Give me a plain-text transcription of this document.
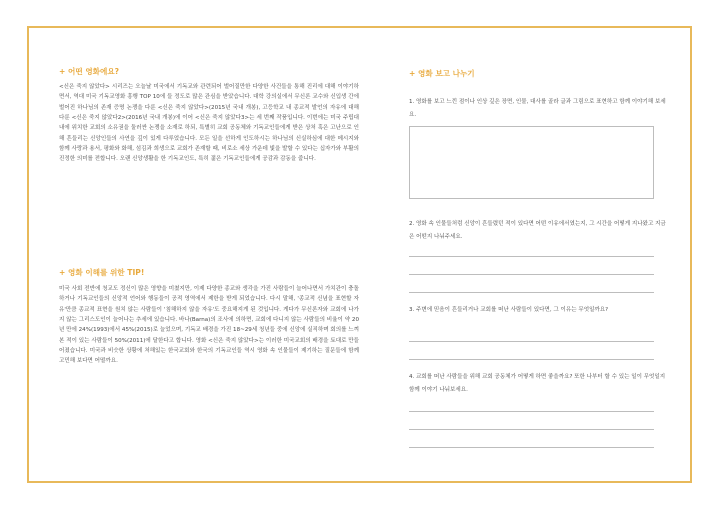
+ 어떤 영화에요?

<신은 죽지 않았다> 시리즈는 오늘날 미국에서 기독교와 관련되어 벌어질만한 다양한 사건들을 통해 진리에 대해 이야기하면서, 역대 미국 기독교영화 흥행 TOP 10에 들 정도로 많은 관심을 받았습니다. 대학 강의실에서 무신론 교수와 신입생 간에 벌어진 하나님의 존재 증명 논쟁을 다룬 <신은 죽지 않았다>(2015년 국내 개봉), 고등학교 내 종교적 발언의 자유에 대해 다룬 <신은 죽지 않았다2>(2016년 국내 개봉)에 이어 <신은 죽지 않았다3>는 세 번째 작품입니다. 이번에는 미국 주립대 내에 위치한 교회의 소유권을 둘러싼 논쟁을 소재로 하되, 특별히 교회 공동체와 기독교인들에게 받은 상처 혹은 고난으로 인해 흔들리는 신앙인들의 사연을 깊이 있게 다루었습니다. 모든 일을 선하게 인도하시는 하나님의 신실하심에 대한 메시지와 함께 사랑과 용서, 평화와 화해, 섬김과 희생으로 교회가 존재할 때, 비로소 세상 가운데 빛을 발할 수 있다는 십자가와 부활의 진정한 의미를 전합니다. 오랜 신앙생활을 한 기독교인도, 특히 젊은 기독교인들에게 공감과 감동을 줍니다.

+ 영화 이해를 위한 TIP!

미국 사회 전반에 청교도 정신이 많은 영향을 미쳤지만, 이제 다양한 종교와 생각을 가진 사람들이 늘어나면서 가치관이 충돌하거나 기독교인들의 신앙적 언어와 행동들이 공적 영역에서 제한을 받게 되었습니다. 다시 말해, '종교적 신념을 표현할 자유'만큼 종교적 표현을 원치 않는 사람들이 '침해하지 않을 자유'도 중요해지게 된 것입니다. 게다가 무신론자와 교회에 나가지 않는 그리스도인이 늘어나는 추세에 있습니다. 바나(Barna)의 조사에 의하면, 교회에 다니지 않는 사람들의 비율이 약 20년 만에 24%(1993)에서 45%(2015)로 늘었으며, 기독교 배경을 가진 18~29세 청년들 중에 신앙에 실직하며 회의를 느껴본 적이 있는 사람들이 50%(2011)에 달한다고 합니다. 영화 <신은 죽지 않았다>는 이러한 미국교회의 배경을 토대로 만들어졌습니다. 미국과 비슷한 상황에 처해있는 한국교회와 한국의 기독교인들 역시 영화 속 인물들이 제기하는 질문들에 함께 고민해 보다면 어떨까요.

+ 영화 보고 나누기

1. 영화를 보고 느낀 점이나 인상 깊은 장면, 인물, 대사를 골라 글과 그림으로 표현하고 함께 이야기해 보세요.

2. 영화 속 인물들처럼 신앙이 흔들렸던 적이 있다면 어떤 이유에서였는지, 그 시간을 어떻게 지나왔고 지금은 어떤지 나눠주세요.

3. 주변에 믿음이 흔들리거나 교회를 떠난 사람들이 있다면, 그 이유는 무엇일까요?

4. 교회를 떠난 사람들을 위해 교회 공동체가 어떻게 하면 좋을까요? 또한 나부터 할 수 있는 일이 무엇일지 함께 이야기 나눠보세요.
